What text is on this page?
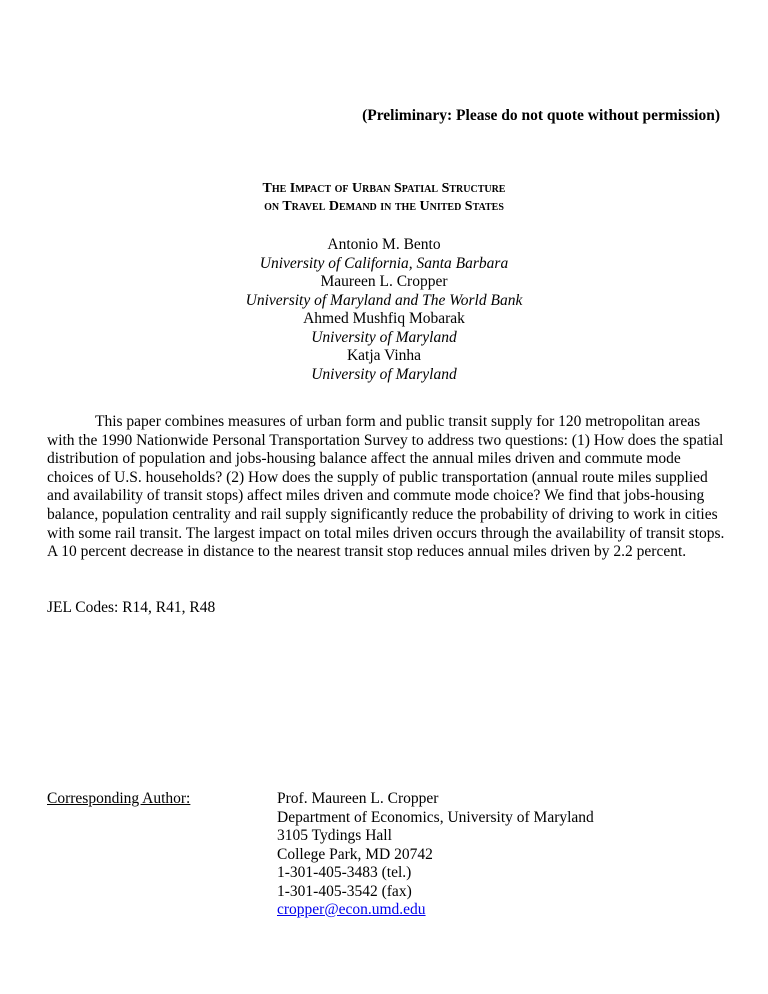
(Preliminary: Please do not quote without permission)

The Impact of Urban Spatial Structure
on Travel Demand in the United States
Antonio M. Bento
University of California, Santa Barbara
Maureen L. Cropper
University of Maryland and The World Bank
Ahmed Mushfiq Mobarak
University of Maryland
Katja Vinha
University of Maryland

This paper combines measures of urban form and public transit supply for 120 metropolitan areas with the 1990 Nationwide Personal Transportation Survey to address two questions: (1) How does the spatial distribution of population and jobs-housing balance affect the annual miles driven and commute mode choices of U.S. households? (2) How does the supply of public transportation (annual route miles supplied and availability of transit stops) affect miles driven and commute mode choice? We find that jobs-housing balance, population centrality and rail supply significantly reduce the probability of driving to work in cities with some rail transit. The largest impact on total miles driven occurs through the availability of transit stops. A 10 percent decrease in distance to the nearest transit stop reduces annual miles driven by 2.2 percent.

JEL Codes: R14, R41, R48

Corresponding Author:	Prof. Maureen L. Cropper
Department of Economics, University of Maryland
3105 Tydings Hall
College Park, MD 20742
1-301-405-3483 (tel.)
1-301-405-3542 (fax)
cropper@econ.umd.edu
